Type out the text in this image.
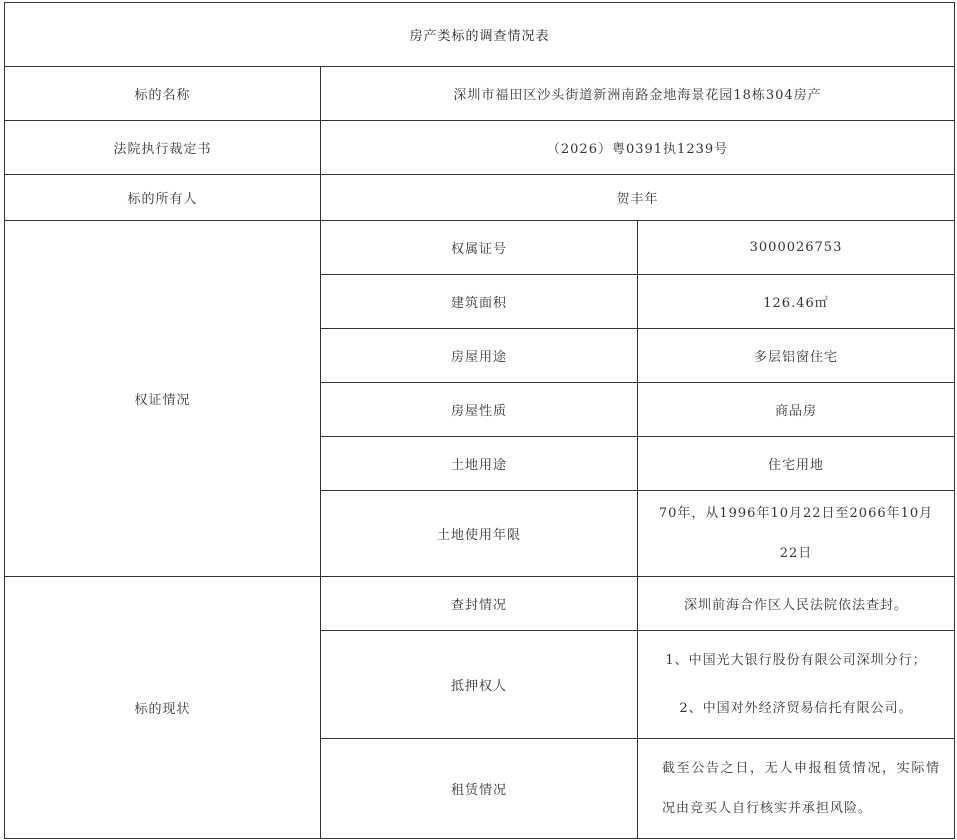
房产类标的调查情况表		
标的名称	深圳市福田区沙头街道新洲南路金地海景花园18栋304房产	
法院执行裁定书	（2026）粤0391执1239号	
标的所有人	贺丰年	
权证情况	权属证号	3000026753
	建筑面积	126.46㎡
	房屋用途	多层铝窗住宅
	房屋性质	商品房
	土地用途	住宅用地
	土地使用年限	70年，从1996年10月22日至2066年10月22日
标的现状	查封情况	深圳前海合作区人民法院依法查封。
	抵押权人	1、中国光大银行股份有限公司深圳分行；
2、中国对外经济贸易信托有限公司。

	租赁情况	截至公告之日，无人申报租赁情况，实际情况由竞买人自行核实并承担风险。
